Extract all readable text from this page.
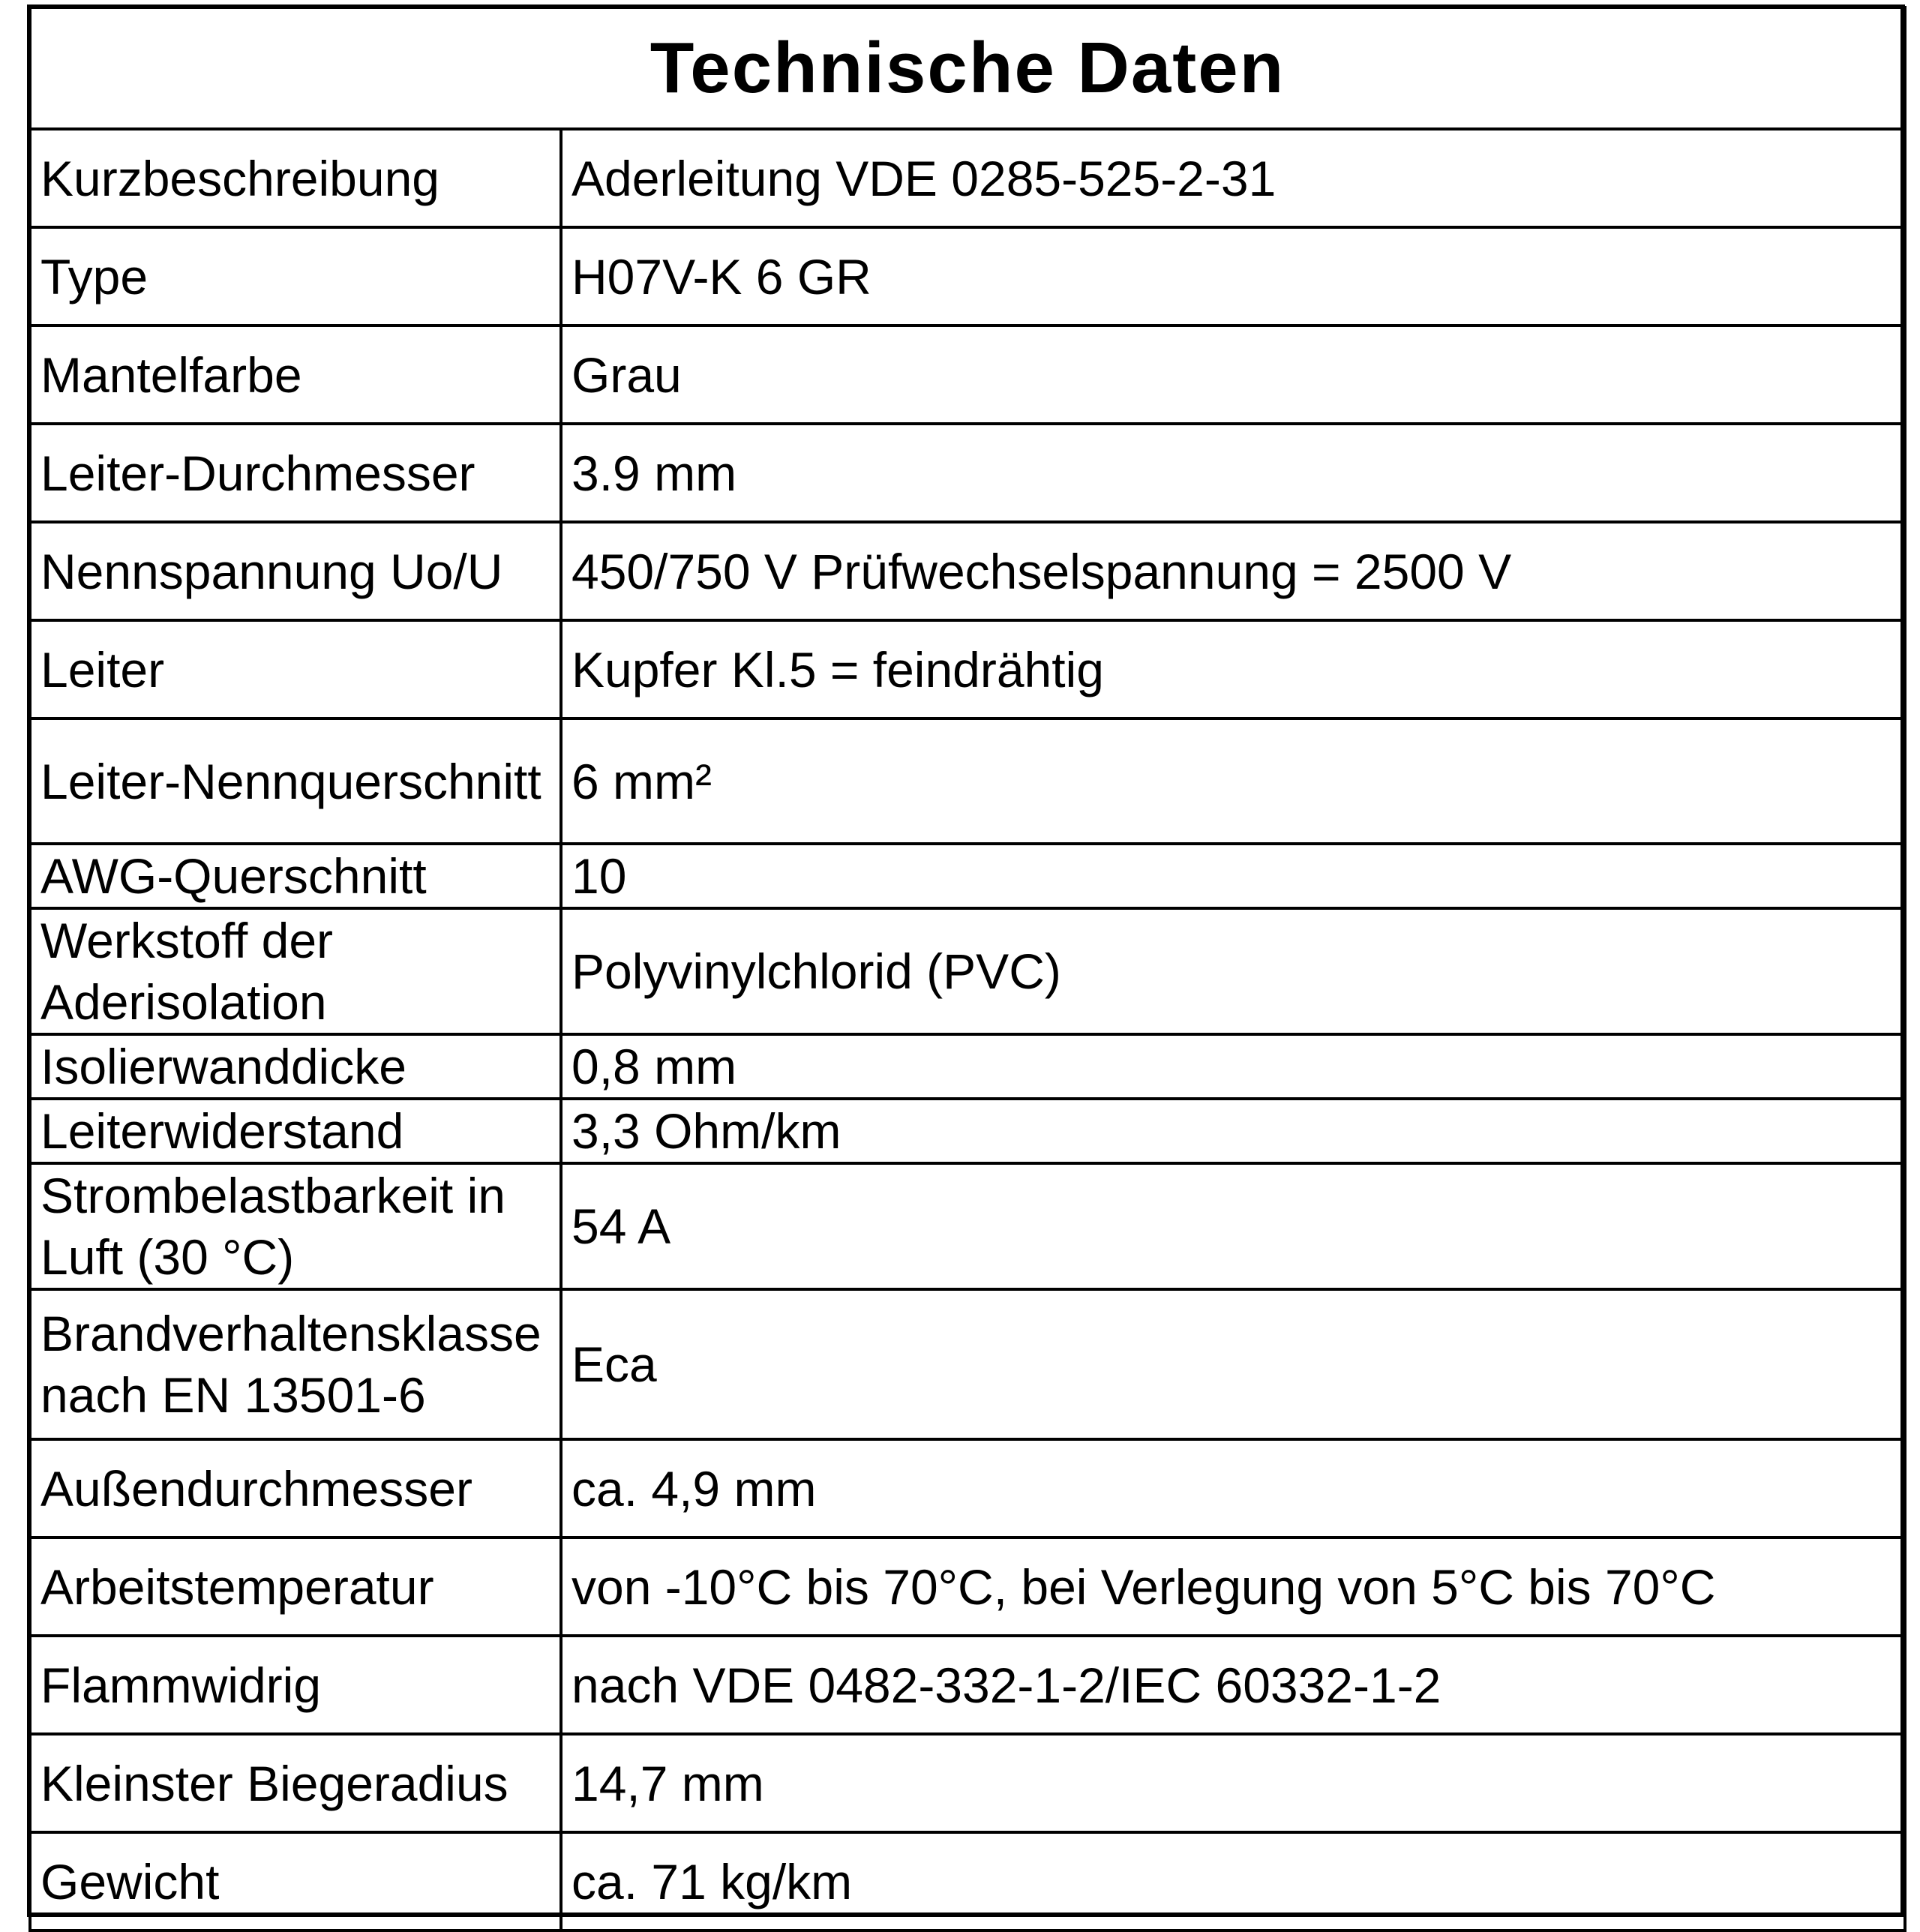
Technische Daten	
Kurzbeschreibung	Aderleitung VDE 0285-525-2-31
Type	H07V-K 6 GR
Mantelfarbe	Grau
Leiter-Durchmesser	3.9 mm
Nennspannung Uo/U	450/750 V Prüfwechselspannung = 2500 V
Leiter	Kupfer Kl.5 = feindrähtig
Leiter-Nennquerschnitt	6 mm²
AWG-Querschnitt	10
Werkstoff der Aderisolation	Polyvinylchlorid (PVC)
Isolierwanddicke	0,8 mm
Leiterwiderstand	3,3 Ohm/km
Strombelastbarkeit in Luft (30 °C)	54 A
Brandverhaltensklasse nach EN 13501-6	Eca
Außendurchmesser	ca. 4,9 mm
Arbeitstemperatur	von -10°C bis 70°C, bei Verlegung von 5°C bis 70°C
Flammwidrig	nach VDE 0482-332-1-2/IEC 60332-1-2
Kleinster Biegeradius	14,7 mm
Gewicht	ca. 71 kg/km
